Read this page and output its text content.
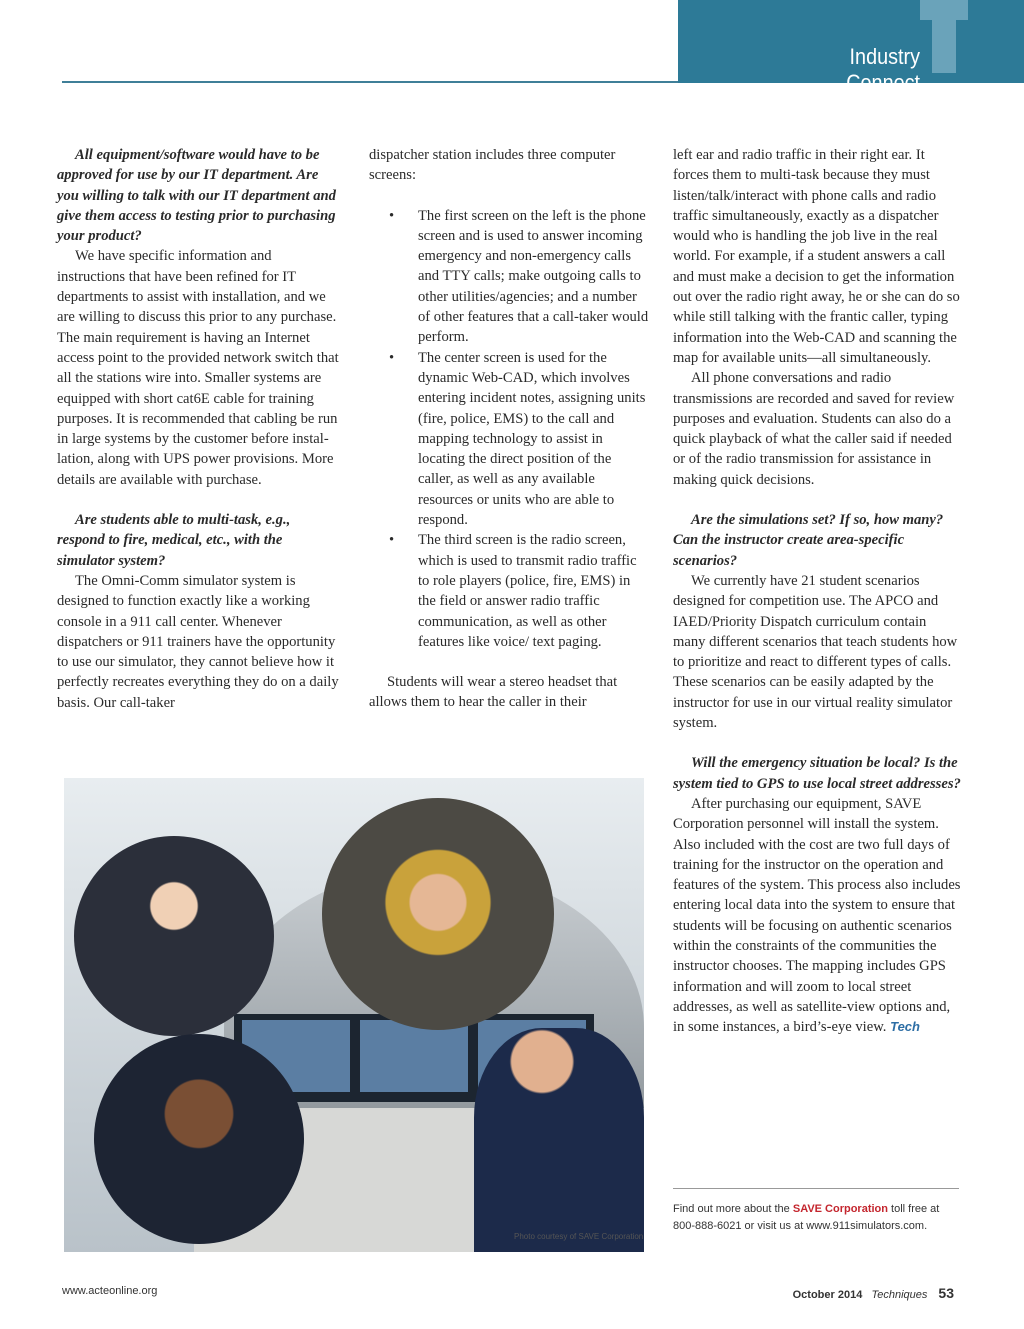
Industry Connect

All equipment/software would have to be approved for use by our IT department. Are you willing to talk with our IT department and give them access to testing prior to purchasing your product?

We have specific information and instructions that have been refined for IT departments to assist with installation, and we are willing to discuss this prior to any purchase. The main requirement is having an Internet access point to the provided network switch that all the stations wire into. Smaller systems are equipped with short cat6E cable for training purposes. It is recommended that cabling be run in large systems by the customer before installation, along with UPS power provisions. More details are available with purchase.

Are students able to multi-task, e.g., respond to fire, medical, etc., with the simulator system?

The Omni-Comm simulator system is designed to function exactly like a working console in a 911 call center. Whenever dispatchers or 911 trainers have the opportunity to use our simulator, they cannot believe how it perfectly recreates everything they do on a daily basis. Our call-taker

dispatcher station includes three computer screens:

• The first screen on the left is the phone screen and is used to answer incoming emergency and non-emergency calls and TTY calls; make outgoing calls to other utilities/agencies; and a number of other features that a call-taker would perform.
• The center screen is used for the dynamic Web-CAD, which involves entering incident notes, assigning units (fire, police, EMS) to the call and mapping technology to assist in locating the direct position of the caller, as well as any available resources or units who are able to respond.
• The third screen is the radio screen, which is used to transmit radio traffic to role players (police, fire, EMS) in the field or answer radio traffic communication, as well as other features like voice/ text paging.

Students will wear a stereo headset that allows them to hear the caller in their

left ear and radio traffic in their right ear. It forces them to multi-task because they must listen/talk/interact with phone calls and radio traffic simultaneously, exactly as a dispatcher would who is handling the job live in the real world. For example, if a student answers a call and must make a decision to get the information out over the radio right away, he or she can do so while still talking with the frantic caller, typing information into the Web-CAD and scanning the map for available units—all simultaneously.

All phone conversations and radio transmissions are recorded and saved for review purposes and evaluation. Students can also do a quick playback of what the caller said if needed or of the radio transmission for assistance in making quick decisions.

Are the simulations set? If so, how many? Can the instructor create area-specific scenarios?

We currently have 21 student scenarios designed for competition use. The APCO and IAED/Priority Dispatch curriculum contain many different scenarios that teach students how to prioritize and react to different types of calls. These scenarios can be easily adapted by the instructor for use in our virtual reality simulator system.

Will the emergency situation be local? Is the system tied to GPS to use local street addresses?

After purchasing our equipment, SAVE Corporation personnel will install the system. Also included with the cost are two full days of training for the instructor on the operation and features of the system. This process also includes entering local data into the system to ensure that students will be focusing on authentic scenarios within the constraints of the communities the instructor chooses. The mapping includes GPS information and will zoom to local street addresses, as well as satellite-view options and, in some instances, a bird’s-eye view. Tech

Photo courtesy of SAVE Corporation
Find out more about the SAVE Corporation toll free at 800-888-6021 or visit us at www.911simulators.com.
www.acteonline.org	October 2014 Techniques 53
